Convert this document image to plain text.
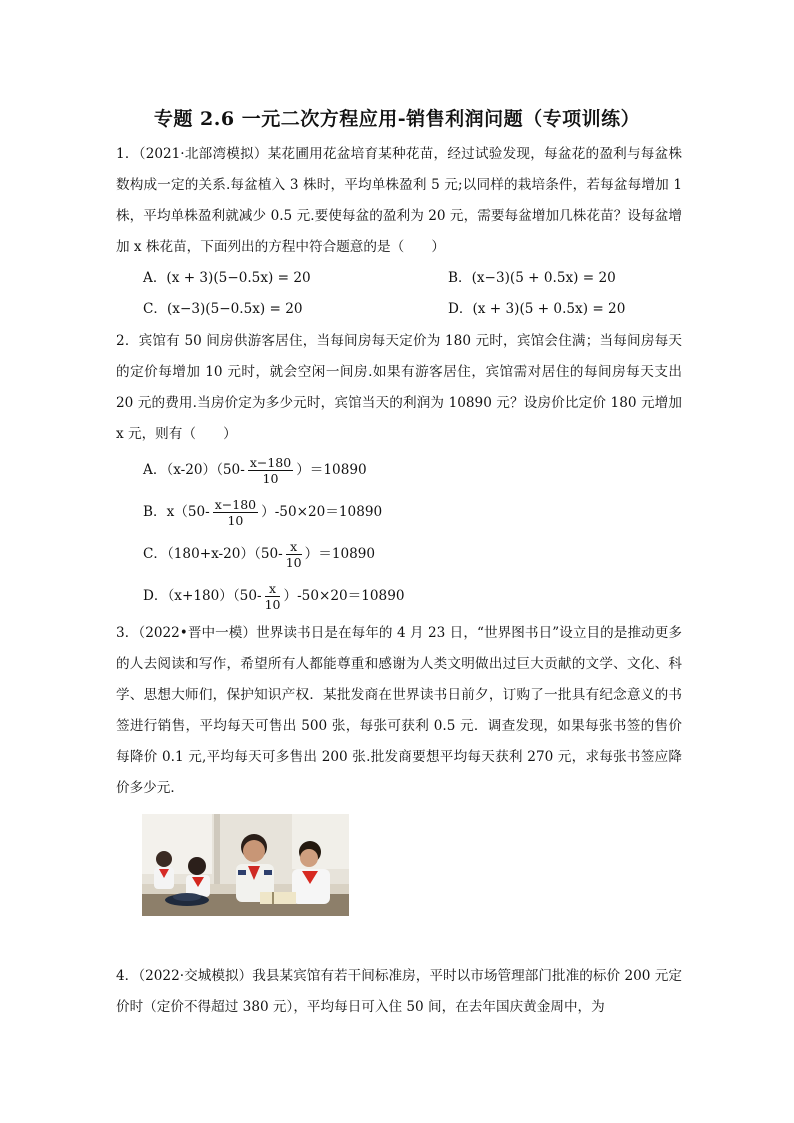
专题 2.6 一元二次方程应用-销售利润问题（专项训练）
1．（2021·北部湾模拟）某花圃用花盆培育某种花苗，经过试验发现，每盆花的盈利与每盆株数构成一定的关系.每盆植入 3 株时，平均单株盈利 5 元;以同样的栽培条件，若每盆每增加 1 株，平均单株盈利就减少 0.5 元.要使每盆的盈利为 20 元，需要每盆增加几株花苗？设每盆增加 x 株花苗，下面列出的方程中符合题意的是（　　）
A．(x + 3)(5−0.5x) = 20	B．(x−3)(5 + 0.5x) = 20
C．(x−3)(5−0.5x) = 20	D．(x + 3)(5 + 0.5x) = 20
2．宾馆有 50 间房供游客居住，当每间房每天定价为 180 元时，宾馆会住满；当每间房每天的定价每增加 10 元时，就会空闲一间房.如果有游客居住，宾馆需对居住的每间房每天支出 20 元的费用.当房价定为多少元时，宾馆当天的利润为 10890 元？设房价比定价 180 元增加 x 元，则有（　　）
A．$(x-20)(50- \frac{x-180}{10} )=10890$
B．$x(50- \frac{x-180}{10} )-50\times 20=10890$
C．$(180+x-20)(50- \frac{x}{10} )=10890$
D．$(x+180)(50- \frac{x}{10} )-50\times 20=10890$
3．（2022•晋中一模）世界读书日是在每年的 4 月 23 日，“世界图书日”设立目的是推动更多的人去阅读和写作，希望所有人都能尊重和感谢为人类文明做出过巨大贡献的文学、文化、科学、思想大师们，保护知识产权．某批发商在世界读书日前夕，订购了一批具有纪念意义的书签进行销售，平均每天可售出 500 张，每张可获利 0.5 元．调查发现，如果每张书签的售价每降价 0.1 元,平均每天可多售出 200 张.批发商要想平均每天获利 270 元，求每张书签应降价多少元．
4．（2022·交城模拟）我县某宾馆有若干间标准房，平时以市场管理部门批准的标价 200 元定价时（定价不得超过 380 元），平均每日可入住 50 间，在去年国庆黄金周中，为
